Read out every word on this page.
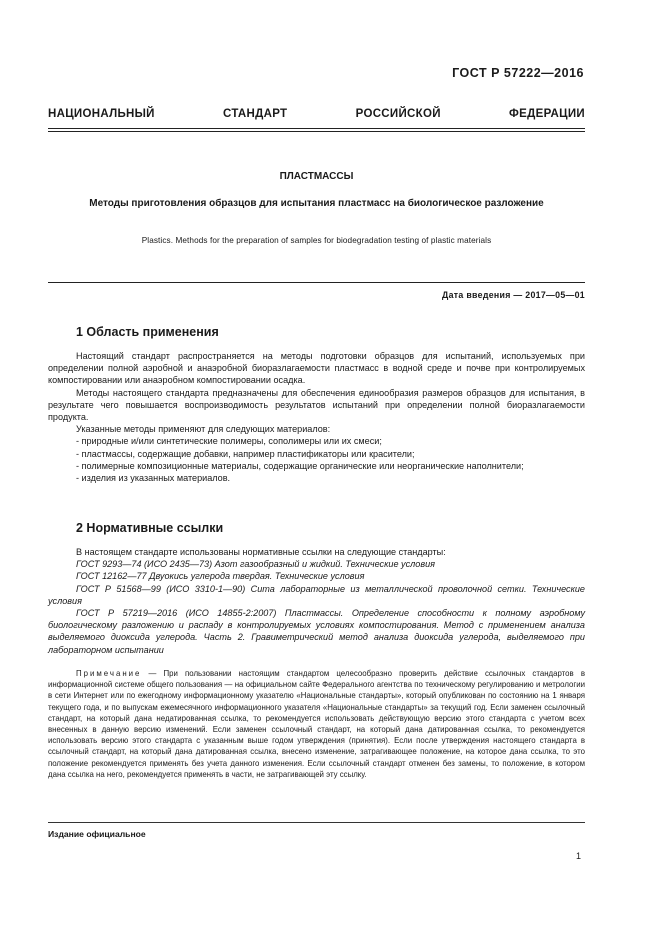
ГОСТ Р 57222—2016
НАЦИОНАЛЬНЫЙ СТАНДАРТ РОССИЙСКОЙ ФЕДЕРАЦИИ
ПЛАСТМАССЫ
Методы приготовления образцов для испытания пластмасс на биологическое разложение
Plastics. Methods for the preparation of samples for biodegradation testing of plastic materials
Дата введения — 2017—05—01
1 Область применения

Настоящий стандарт распространяется на методы подготовки образцов для испытаний, используемых при определении полной аэробной и анаэробной биоразлагаемости пластмасс в водной среде и почве при контролируемых компостировании или анаэробном компостировании осадка.

Методы настоящего стандарта предназначены для обеспечения единообразия размеров образцов для испытания, в результате чего повышается воспроизводимость результатов испытаний при определении полной биоразлагаемости продукта.

Указанные методы применяют для следующих материалов:

- природные и/или синтетические полимеры, сополимеры или их смеси;

- пластмассы, содержащие добавки, например пластификаторы или красители;

- полимерные композиционные материалы, содержащие органические или неорганические наполнители;

- изделия из указанных материалов.

2 Нормативные ссылки

В настоящем стандарте использованы нормативные ссылки на следующие стандарты:

ГОСТ 9293—74 (ИСО 2435—73) Азот газообразный и жидкий. Технические условия

ГОСТ 12162—77 Двуокись углерода твердая. Технические условия

ГОСТ Р 51568—99 (ИСО 3310-1—90) Сита лабораторные из металлической проволочной сетки. Технические условия

ГОСТ Р 57219—2016 (ИСО 14855-2:2007) Пластмассы. Определение способности к полному аэробному биологическому разложению и распаду в контролируемых условиях компостирования. Метод с применением анализа выделяемого диоксида углерода. Часть 2. Гравиметрический метод анализа диоксида углерода, выделяемого при лабораторном испытании

Примечание — При пользовании настоящим стандартом целесообразно проверить действие ссылочных стандартов в информационной системе общего пользования — на официальном сайте Федерального агентства по техническому регулированию и метрологии в сети Интернет или по ежегодному информационному указателю «Национальные стандарты», который опубликован по состоянию на 1 января текущего года, и по выпускам ежемесячного информационного указателя «Национальные стандарты» за текущий год. Если заменен ссылочный стандарт, на который дана недатированная ссылка, то рекомендуется использовать действующую версию этого стандарта с учетом всех внесенных в данную версию изменений. Если заменен ссылочный стандарт, на который дана датированная ссылка, то рекомендуется использовать версию этого стандарта с указанным выше годом утверждения (принятия). Если после утверждения настоящего стандарта в ссылочный стандарт, на который дана датированная ссылка, внесено изменение, затрагивающее положение, на которое дана ссылка, то это положение рекомендуется применять без учета данного изменения. Если ссылочный стандарт отменен без замены, то положение, в котором дана ссылка на него, рекомендуется применять в части, не затрагивающей эту ссылку.

Издание официальное
1
